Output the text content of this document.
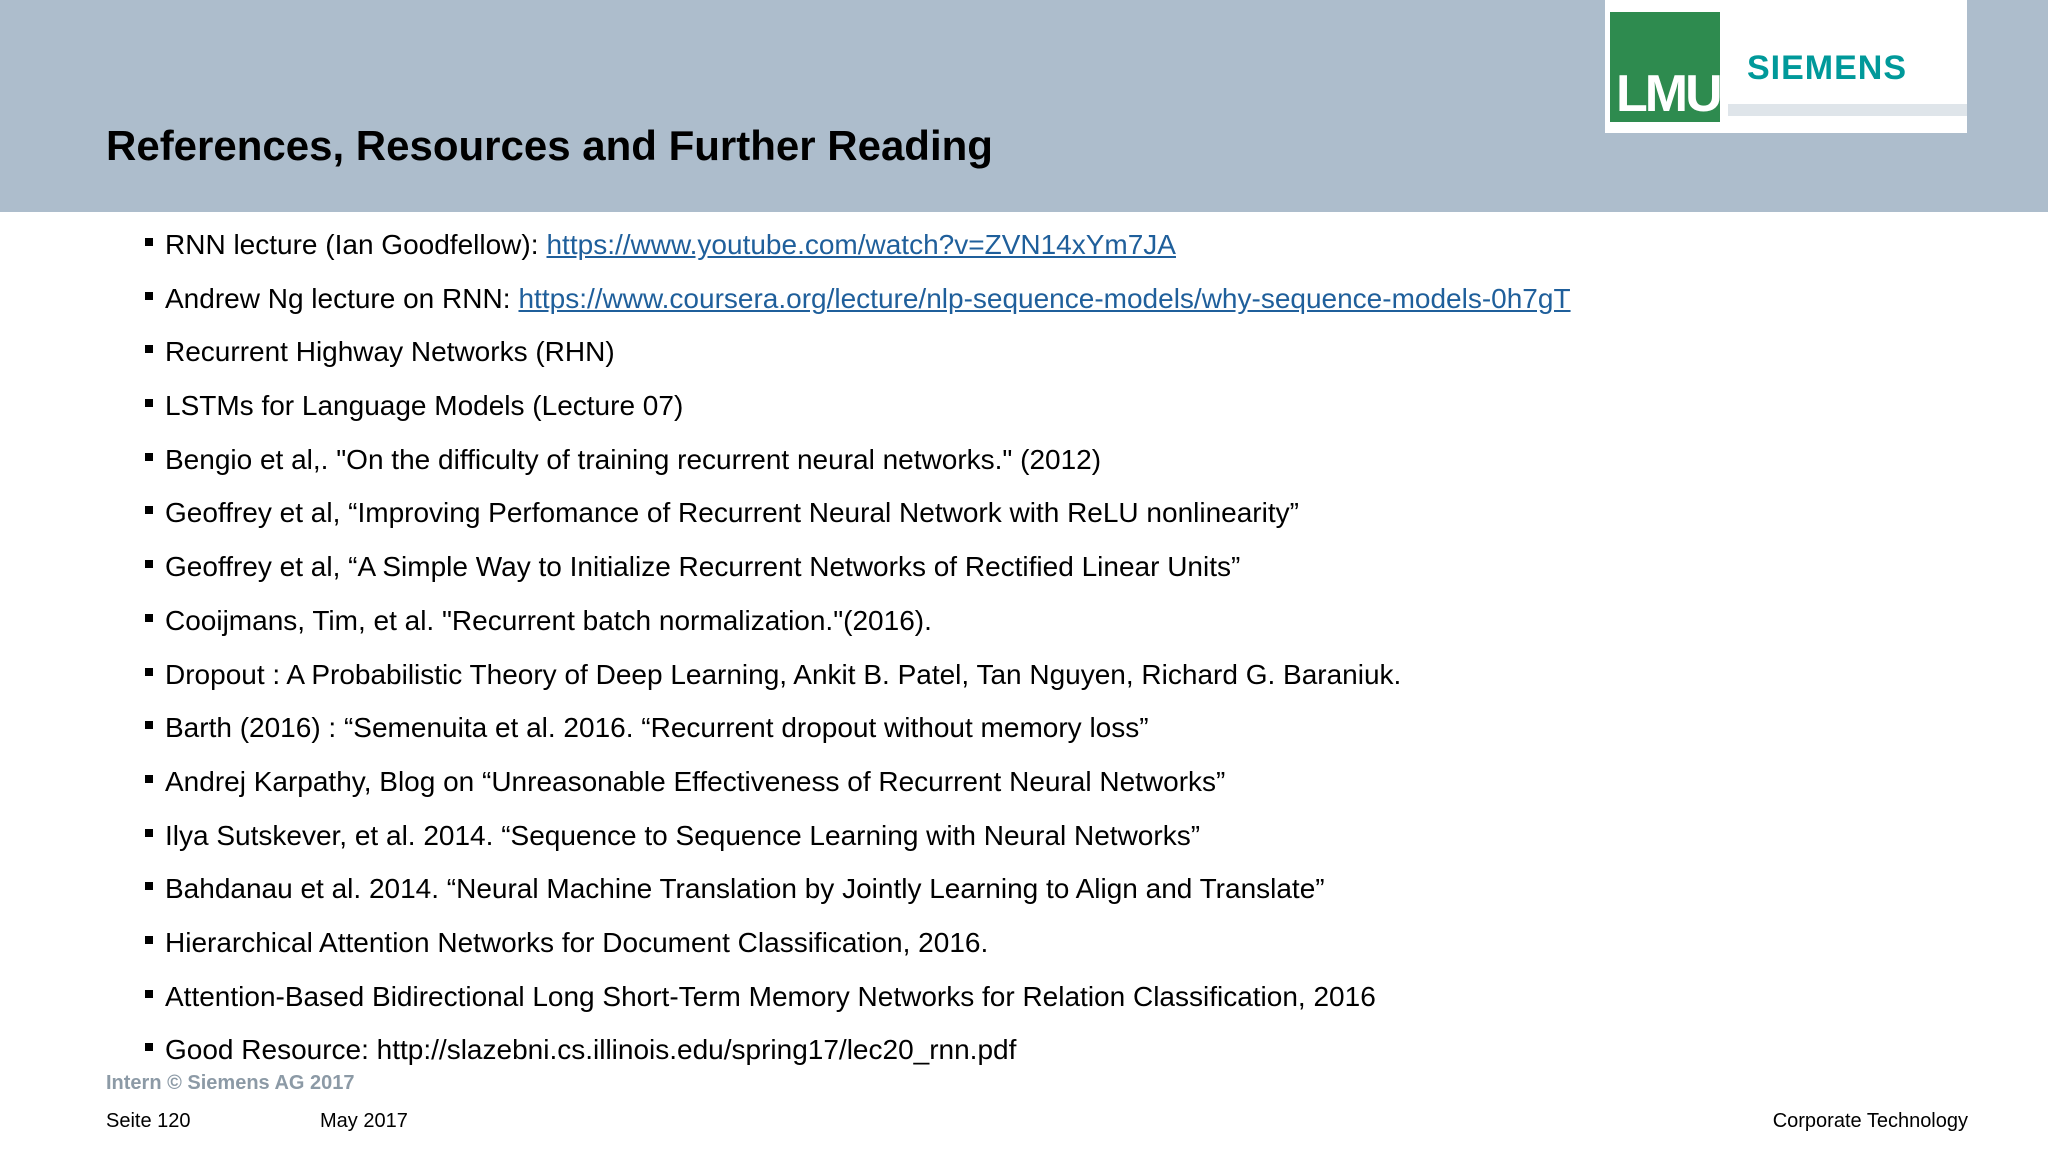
References, Resources and Further Reading
LMU SIEMENS
RNN lecture (Ian Goodfellow): https://www.youtube.com/watch?v=ZVN14xYm7JA
Andrew Ng lecture on RNN: https://www.coursera.org/lecture/nlp-sequence-models/why-sequence-models-0h7gT
Recurrent Highway Networks (RHN)
LSTMs for Language Models (Lecture 07)
Bengio et al,. "On the difficulty of training recurrent neural networks." (2012)
Geoffrey et al, “Improving Perfomance of Recurrent Neural Network with ReLU nonlinearity”
Geoffrey et al, “A Simple Way to Initialize Recurrent Networks of Rectified Linear Units”
Cooijmans, Tim, et al. "Recurrent batch normalization."(2016).
Dropout : A Probabilistic Theory of Deep Learning, Ankit B. Patel, Tan Nguyen, Richard G. Baraniuk.
Barth (2016) : “Semenuita et al. 2016. “Recurrent dropout without memory loss”
Andrej Karpathy, Blog on “Unreasonable Effectiveness of Recurrent Neural Networks”
Ilya Sutskever, et al. 2014. “Sequence to Sequence Learning with Neural Networks”
Bahdanau et al. 2014. “Neural Machine Translation by Jointly Learning to Align and Translate”
Hierarchical Attention Networks for Document Classification, 2016.
Attention-Based Bidirectional Long Short-Term Memory Networks for Relation Classification, 2016
Good Resource: http://slazebni.cs.illinois.edu/spring17/lec20_rnn.pdf
Intern © Siemens AG 2017
Seite 120	May 2017	Corporate Technology
